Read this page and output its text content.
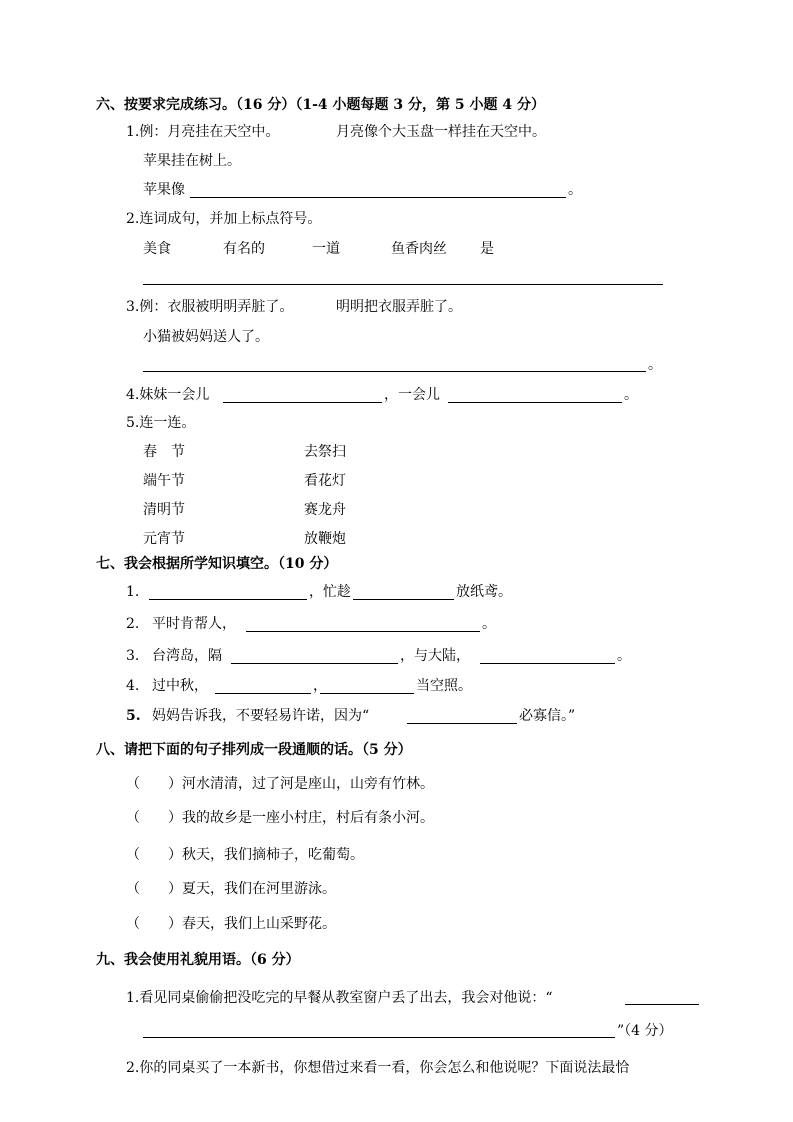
六、按要求完成练习。（16 分）（1-4 小题每题 3 分，第 5 小题 4 分）
1.例：月亮挂在天空中。	月亮像个大玉盘一样挂在天空中。
苹果挂在树上。
苹果像	。
2.连词成句，并加上标点符号。
美食	有名的	一道	鱼香肉丝 是
3.例：衣服被明明弄脏了。	明明把衣服弄脏了。
小猫被妈妈送人了。
。
4.妹妹一会儿	，一会儿	。
5.连一连。
春　节	去祭扫
端午节	看花灯
清明节	赛龙舟
元宵节	放鞭炮
七、我会根据所学知识填空。（10 分）
1.	，忙趁	放纸鸢。
2. 平时肯帮人，	。
3. 台湾岛，隔	，与大陆，	。
4. 过中秋，	，	当空照。
5. 妈妈告诉我，不要轻易许诺，因为“	必寡信。”
八、请把下面的句子排列成一段通顺的话。（5 分）
（　　） 河水清清，过了河是座山，山旁有竹林。
（　　） 我的故乡是一座小村庄，村后有条小河。
（　　） 秋天，我们摘柿子，吃葡萄。
（　　） 夏天，我们在河里游泳。
（　　） 春天，我们上山采野花。
九、我会使用礼貌用语。（6 分）
1.看见同桌偷偷把没吃完的早餐从教室窗户丢了出去，我会对他说：“
”（4 分）
2.你的同桌买了一本新书，你想借过来看一看，你会怎么和他说呢？下面说法最恰
